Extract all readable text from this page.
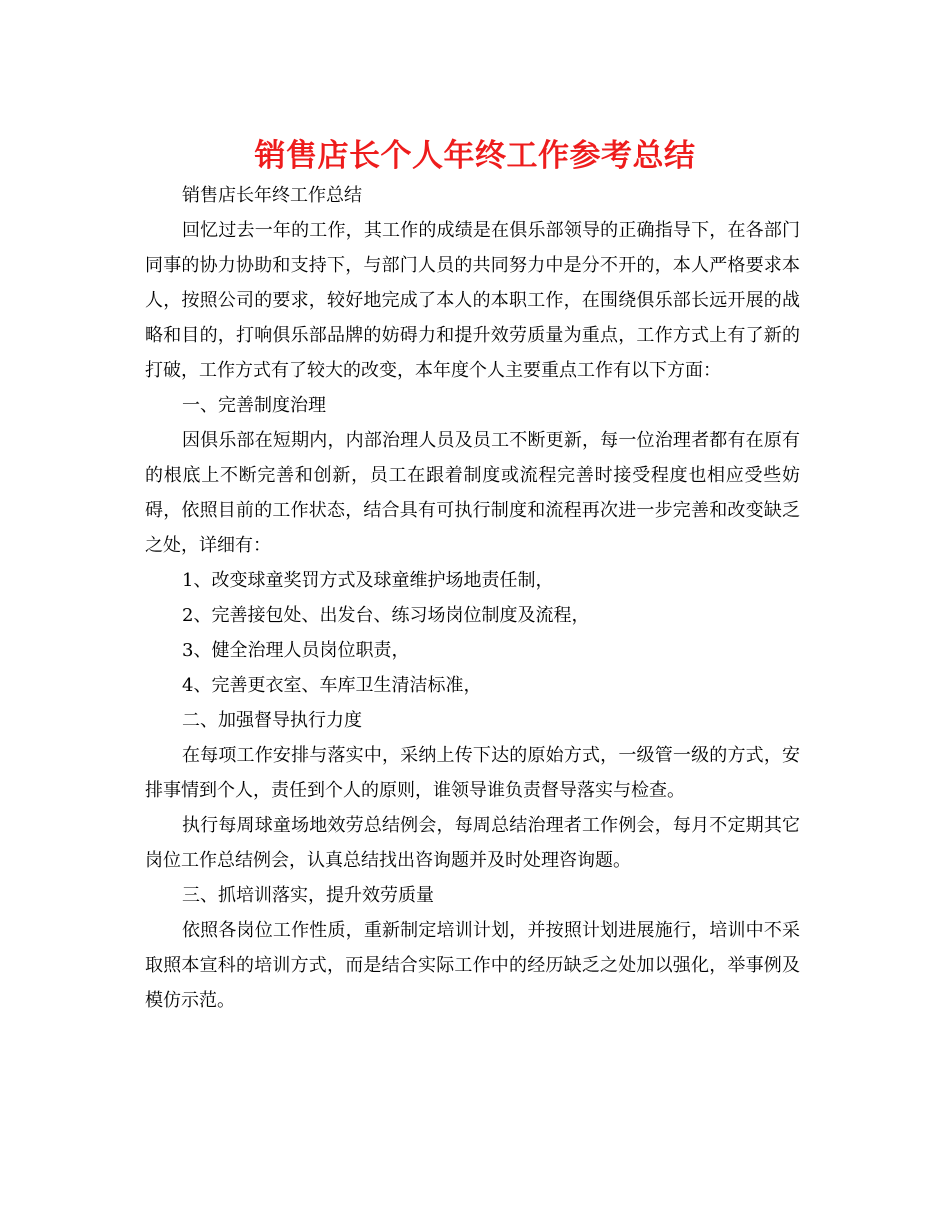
销售店长个人年终工作参考总结

销售店长年终工作总结

回忆过去一年的工作，其工作的成绩是在俱乐部领导的正确指导下，在各部门同事的协力协助和支持下，与部门人员的共同努力中是分不开的，本人严格要求本人，按照公司的要求，较好地完成了本人的本职工作，在围绕俱乐部长远开展的战略和目的，打响俱乐部品牌的妨碍力和提升效劳质量为重点，工作方式上有了新的打破，工作方式有了较大的改变，本年度个人主要重点工作有以下方面：

一、完善制度治理

因俱乐部在短期内，内部治理人员及员工不断更新，每一位治理者都有在原有的根底上不断完善和创新，员工在跟着制度或流程完善时接受程度也相应受些妨碍，依照目前的工作状态，结合具有可执行制度和流程再次进一步完善和改变缺乏之处，详细有：

1、改变球童奖罚方式及球童维护场地责任制，

2、完善接包处、出发台、练习场岗位制度及流程，

3、健全治理人员岗位职责，

4、完善更衣室、车库卫生清洁标准，

二、加强督导执行力度

在每项工作安排与落实中，采纳上传下达的原始方式，一级管一级的方式，安排事情到个人，责任到个人的原则，谁领导谁负责督导落实与检查。

执行每周球童场地效劳总结例会，每周总结治理者工作例会，每月不定期其它岗位工作总结例会，认真总结找出咨询题并及时处理咨询题。

三、抓培训落实，提升效劳质量

依照各岗位工作性质，重新制定培训计划，并按照计划进展施行，培训中不采取照本宣科的培训方式，而是结合实际工作中的经历缺乏之处加以强化，举事例及模仿示范。
